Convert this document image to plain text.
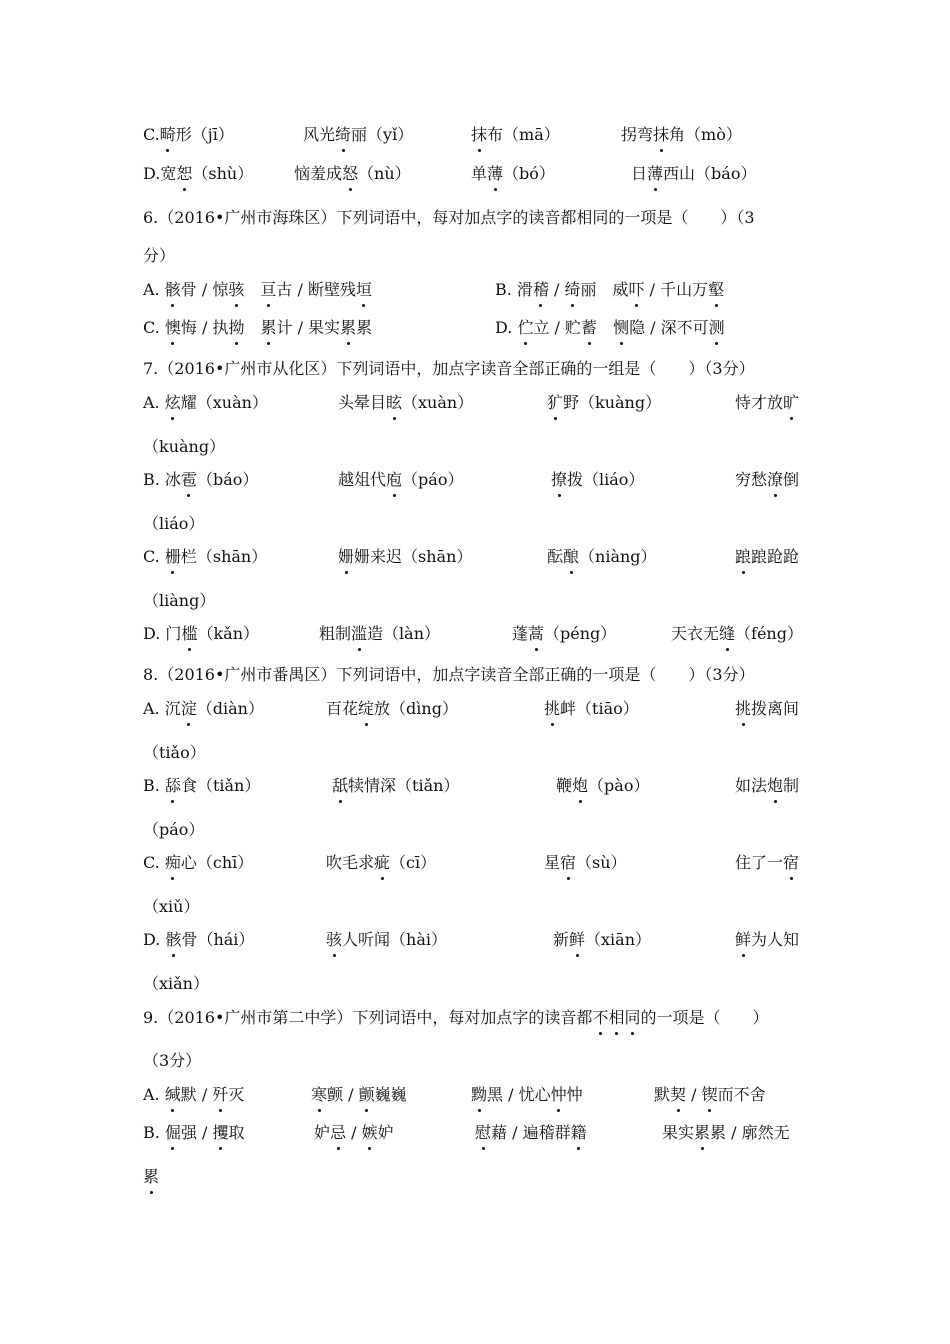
C.畸形（jī）	风光绮丽（yǐ）	抹布（mā）	拐弯抹角（mò）
D.宽恕（shù）	恼羞成怒（nù）	单薄（bó）	日薄西山（báo）
6.（2016•广州市海珠区）下列词语中，每对加点字的读音都相同的一项是（　　）（3
分）
A. 骸骨 / 惊骇　 亘古 / 断壁残垣	B. 滑稽 / 绮丽　威吓 / 千山万壑
C. 懊悔 / 执拗　 累计 / 果实累累	D. 伫立 / 贮蓄　 恻隐 / 深不可测
7.（2016•广州市从化区）下列词语中，加点字读音全部正确的一组是（　　）（3分）
A. 炫耀（xuàn）	头晕目眩（xuàn）	犷野（kuàng）	恃才放旷
（kuàng）
B. 冰雹（báo）	越俎代庖（páo）	撩拨（liáo）	穷愁潦倒
（liáo）
C. 栅栏（shān）	姗姗来迟（shān）	酝酿（niàng）	踉踉跄跄
（liàng）
D. 门槛（kǎn）	粗制滥造（làn）	蓬蒿（péng）	天衣无缝（féng）
8.（2016•广州市番禺区）下列词语中，加点字读音全部正确的一项是（　　）（3分）
A. 沉淀（diàn）	百花绽放（dìng）	挑衅（tiāo）	挑拨离间
（tiǎo）
B. 舔食（tiǎn）	舐犊情深（tiǎn）	鞭炮（pào）	如法炮制
（páo）
C. 痴心（chī）	吹毛求疵（cī）	星宿（sù）	住了一宿
（xiǔ）
D. 骸骨（hái）	骇人听闻（hài）	新鲜（xiān）	鲜为人知
（xiǎn）
9.（2016•广州市第二中学）下列词语中，每对加点字的读音都不相同的一项是（　　）
（3分）
A. 缄默 / 歼灭	寒颤 / 颤巍巍	黝黑 / 忧心忡忡	默契 / 锲而不舍
B. 倔强 / 攫取	妒忌 / 嫉妒	慰藉 / 遍稽群籍	果实累累 / 廓然无
累
